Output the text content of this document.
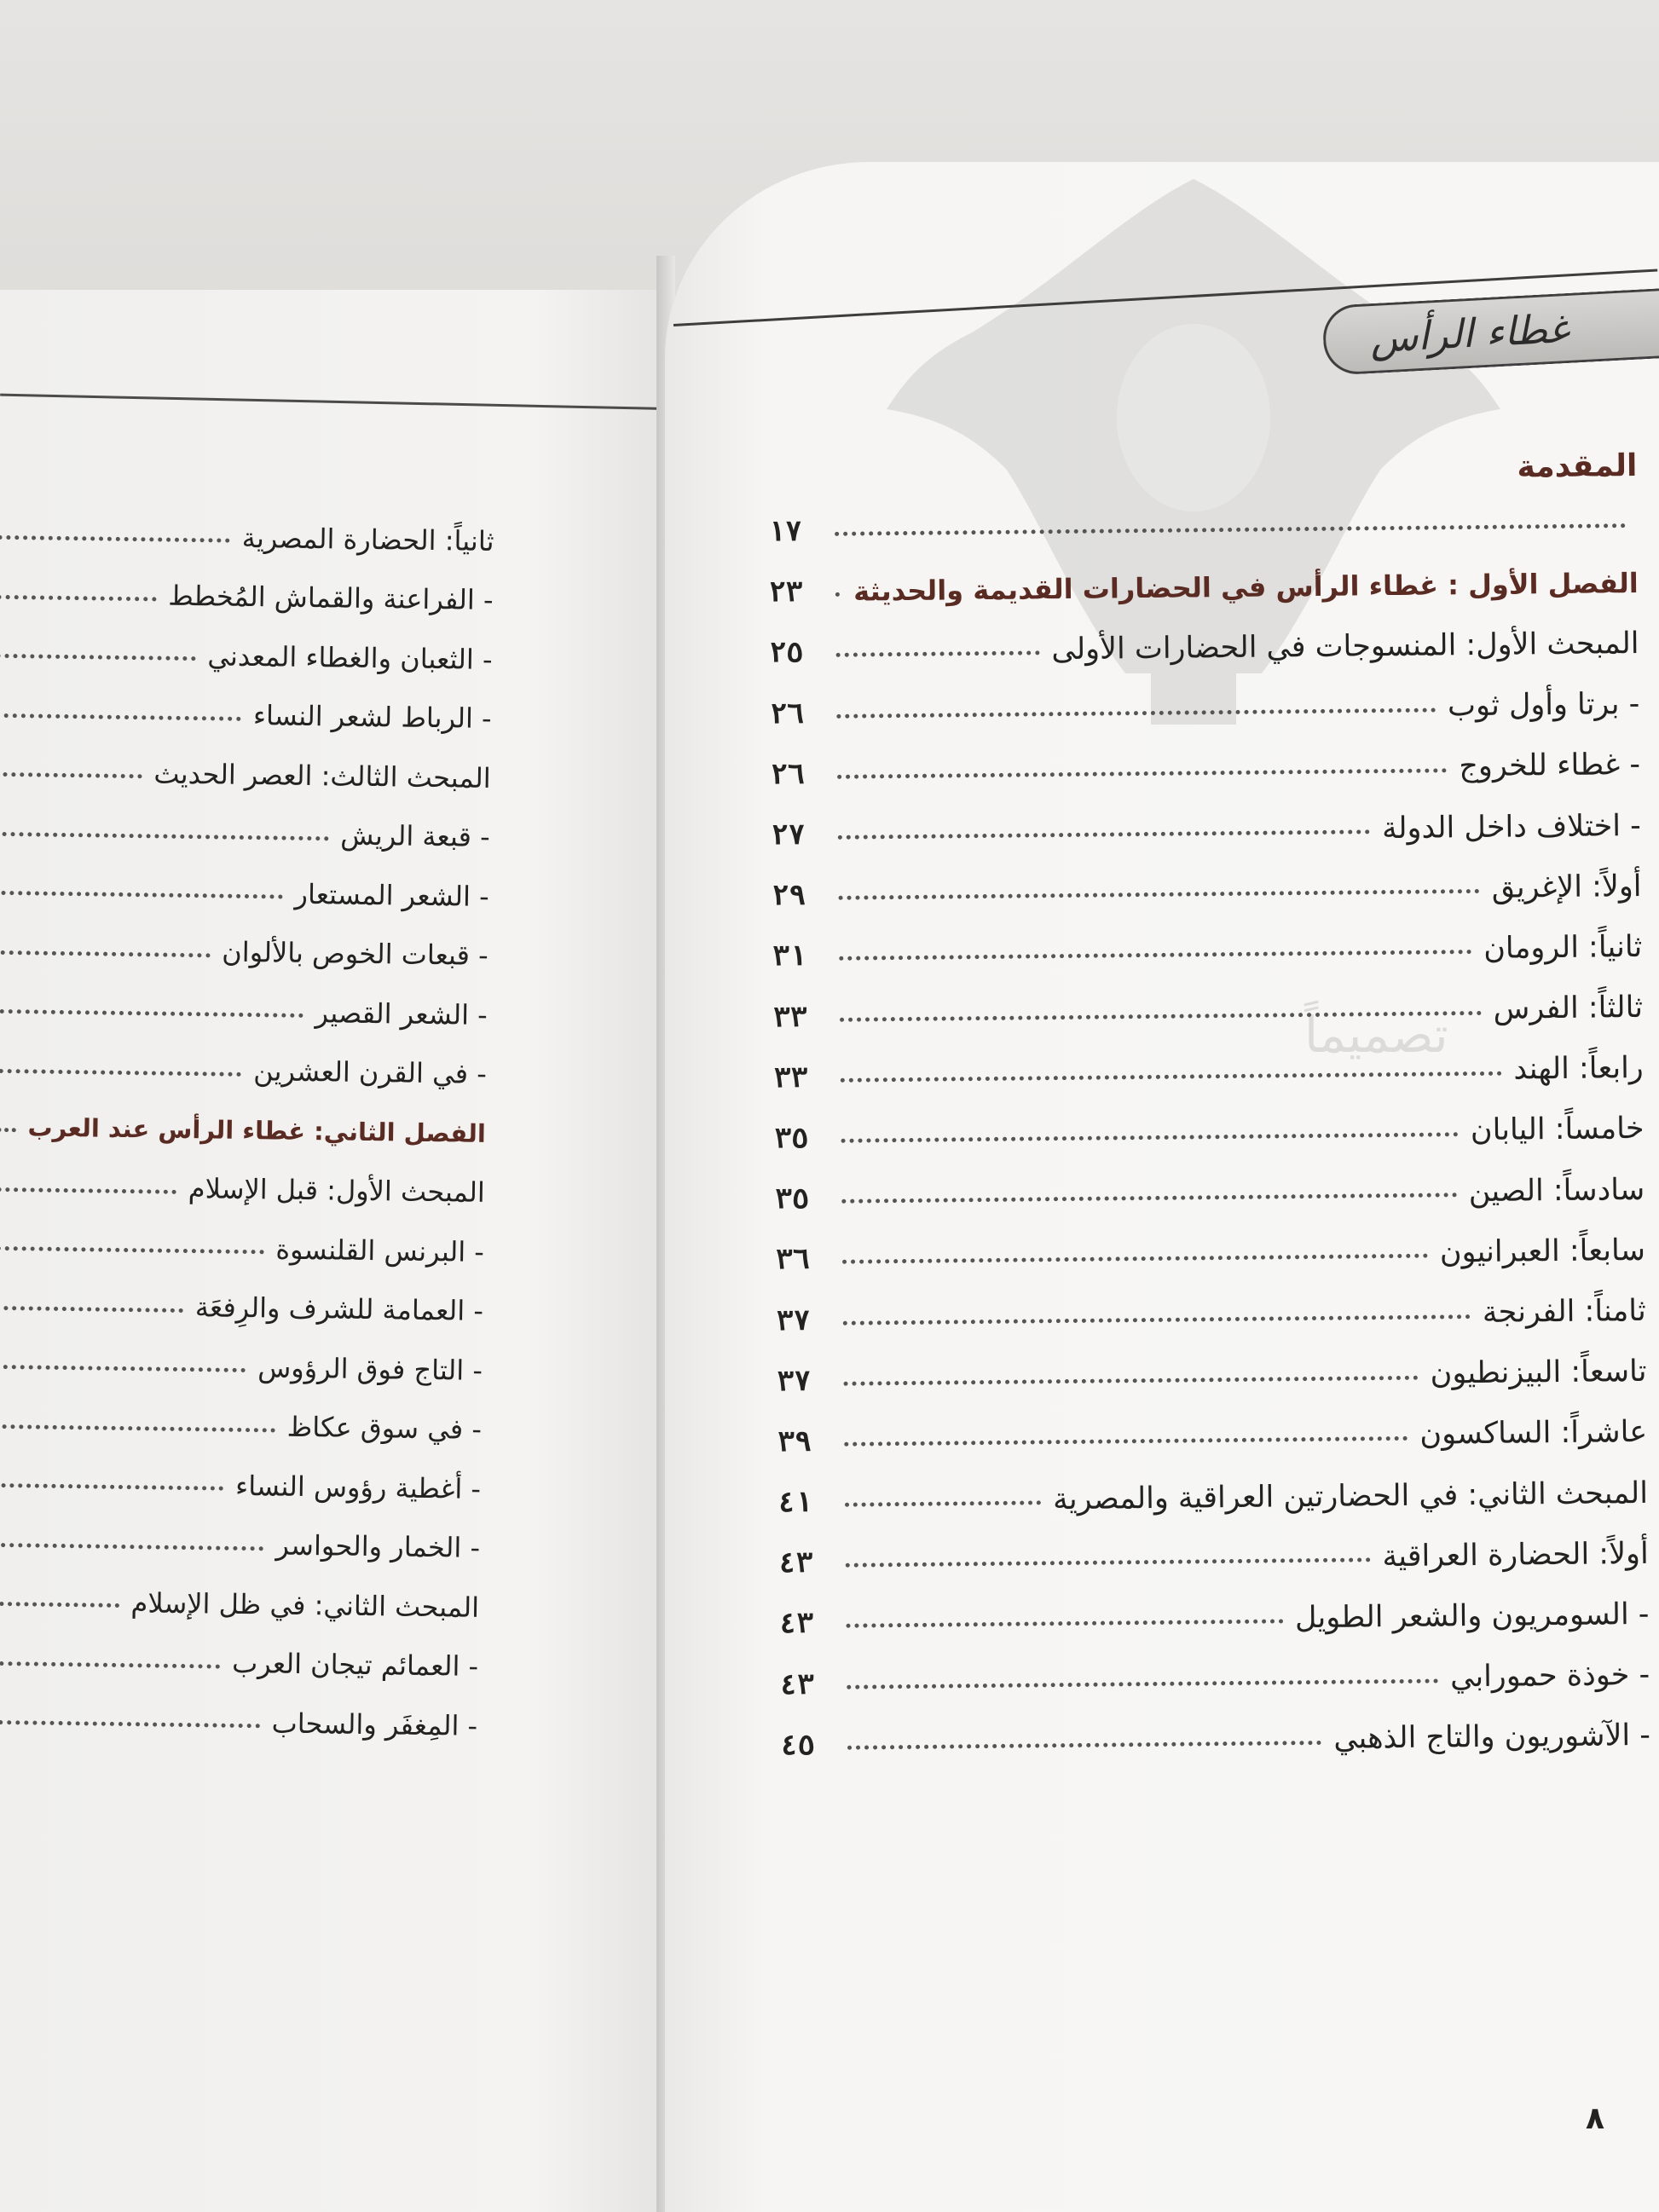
تصميماً
غطاء الرأس
المقدمة
١٧
الفصل الأول : غطاء الرأس في الحضارات القديمة والحديثة
٢٣
المبحث الأول: المنسوجات في الحضارات الأولى
٢٥
- برتا وأول ثوب
٢٦
- غطاء للخروج
٢٦
- اختلاف داخل الدولة
٢٧
أولاً: الإغريق
٢٩
ثانياً: الرومان
٣١
ثالثاً: الفرس
٣٣
رابعاً: الهند
٣٣
خامساً: اليابان
٣٥
سادساً: الصين
٣٥
سابعاً: العبرانيون
٣٦
ثامناً: الفرنجة
٣٧
تاسعاً: البيزنطيون
٣٧
عاشراً: الساكسون
٣٩
المبحث الثاني: في الحضارتين العراقية والمصرية
٤١
أولاً: الحضارة العراقية
٤٣
- السومريون والشعر الطويل
٤٣
- خوذة حمورابي
٤٣
- الآشوريون والتاج الذهبي
٤٥
ثانياً: الحضارة المصرية
- الفراعنة والقماش المُخطط
- الثعبان والغطاء المعدني
- الرباط لشعر النساء
المبحث الثالث: العصر الحديث
- قبعة الريش
- الشعر المستعار
- قبعات الخوص بالألوان
- الشعر القصير
- في القرن العشرين
الفصل الثاني: غطاء الرأس عند العرب
المبحث الأول: قبل الإسلام
- البرنس القلنسوة
- العمامة للشرف والرِفعَة
- التاج فوق الرؤوس
- في سوق عكاظ
- أغطية رؤوس النساء
- الخمار والحواسر
المبحث الثاني: في ظل الإسلام
- العمائم تيجان العرب
- المِغفَر والسحاب
٨
